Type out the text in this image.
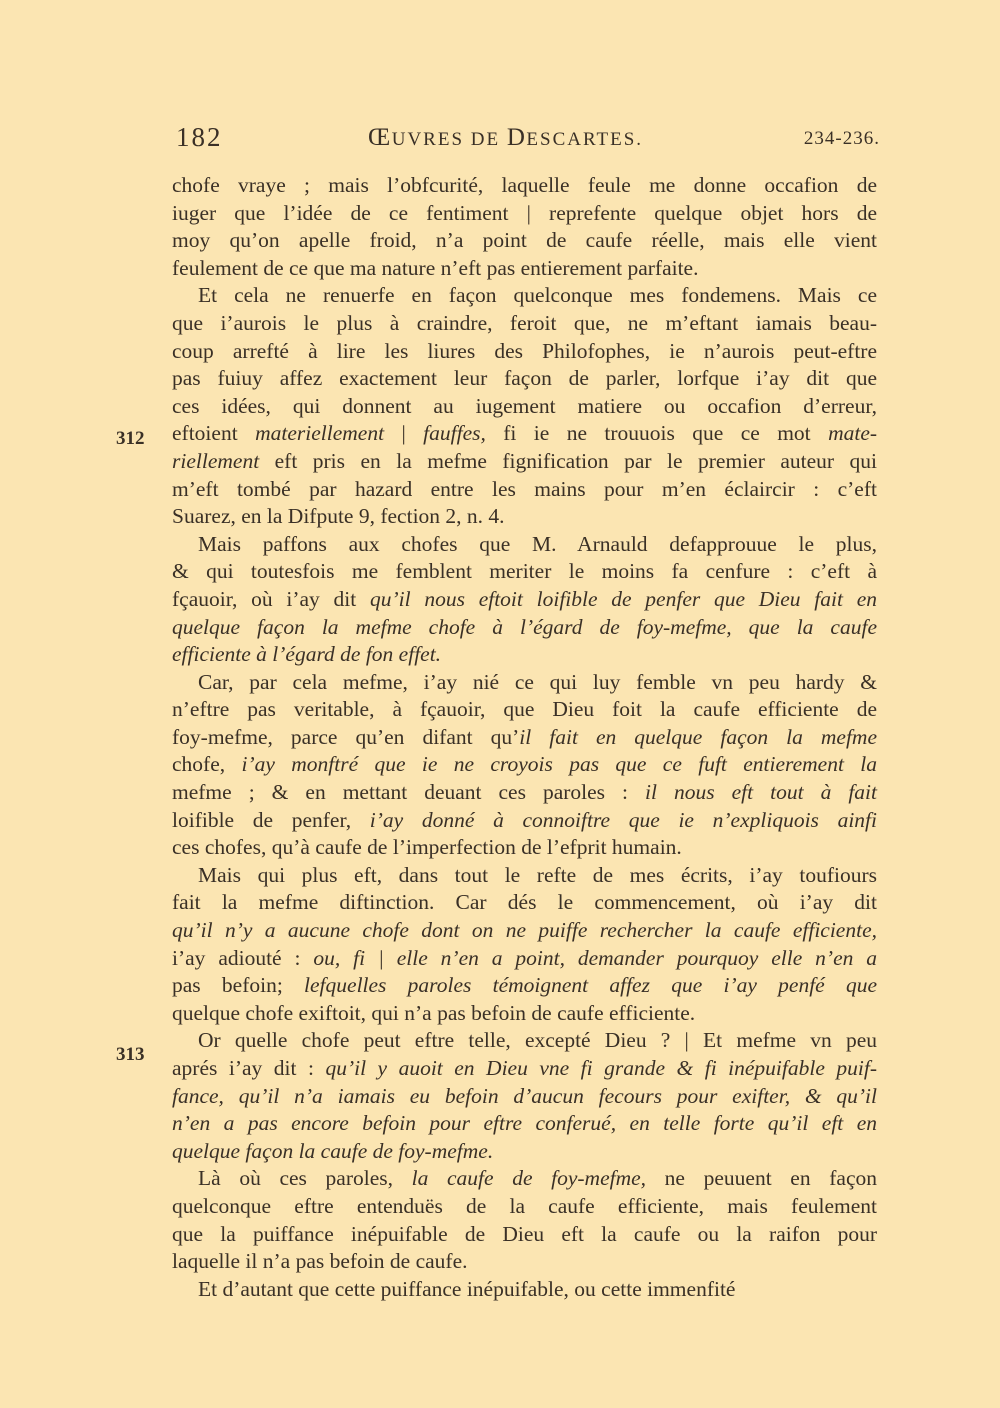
182	ŒUVRES DE DESCARTES.	234-236.
312
313
chofe vraye ; mais l’obfcurité, laquelle feule me donne occafion de
iuger que l’idée de ce fentiment | reprefente quelque objet hors de
moy qu’on apelle froid, n’a point de caufe réelle, mais elle vient
feulement de ce que ma nature n’eft pas entierement parfaite.
Et cela ne renuerfe en façon quelconque mes fondemens. Mais ce
que i’aurois le plus à craindre, feroit que, ne m’eftant iamais beau-
coup arrefté à lire les liures des Philofophes, ie n’aurois peut-eftre
pas fuiuy affez exactement leur façon de parler, lorfque i’ay dit que
ces idées, qui donnent au iugement matiere ou occafion d’erreur,
eftoient materiellement | fauffes, fi ie ne trouuois que ce mot mate-
riellement eft pris en la mefme fignification par le premier auteur qui
m’eft tombé par hazard entre les mains pour m’en éclaircir : c’eft
Suarez, en la Difpute 9, fection 2, n. 4.
Mais paffons aux chofes que M. Arnauld defapprouue le plus,
& qui toutesfois me femblent meriter le moins fa cenfure : c’eft à
fçauoir, où i’ay dit qu’il nous eftoit loifible de penfer que Dieu fait en
quelque façon la mefme chofe à l’égard de foy-mefme, que la caufe
efficiente à l’égard de fon effet.
Car, par cela mefme, i’ay nié ce qui luy femble vn peu hardy &
n’eftre pas veritable, à fçauoir, que Dieu foit la caufe efficiente de
foy-mefme, parce qu’en difant qu’il fait en quelque façon la mefme
chofe, i’ay monftré que ie ne croyois pas que ce fuft entierement la
mefme ; & en mettant deuant ces paroles : il nous eft tout à fait
loifible de penfer, i’ay donné à connoiftre que ie n’expliquois ainfi
ces chofes, qu’à caufe de l’imperfection de l’efprit humain.
Mais qui plus eft, dans tout le refte de mes écrits, i’ay toufiours
fait la mefme diftinction. Car dés le commencement, où i’ay dit
qu’il n’y a aucune chofe dont on ne puiffe rechercher la caufe efficiente,
i’ay adiouté : ou, fi | elle n’en a point, demander pourquoy elle n’en a
pas befoin; lefquelles paroles témoignent affez que i’ay penfé que
quelque chofe exiftoit, qui n’a pas befoin de caufe efficiente.
Or quelle chofe peut eftre telle, excepté Dieu ? | Et mefme vn peu
aprés i’ay dit : qu’il y auoit en Dieu vne fi grande & fi inépuifable puif-
fance, qu’il n’a iamais eu befoin d’aucun fecours pour exifter, & qu’il
n’en a pas encore befoin pour eftre conferué, en telle forte qu’il eft en
quelque façon la caufe de foy-mefme.
Là où ces paroles, la caufe de foy-mefme, ne peuuent en façon
quelconque eftre entenduës de la caufe efficiente, mais feulement
que la puiffance inépuifable de Dieu eft la caufe ou la raifon pour
laquelle il n’a pas befoin de caufe.
Et d’autant que cette puiffance inépuifable, ou cette immenfité
